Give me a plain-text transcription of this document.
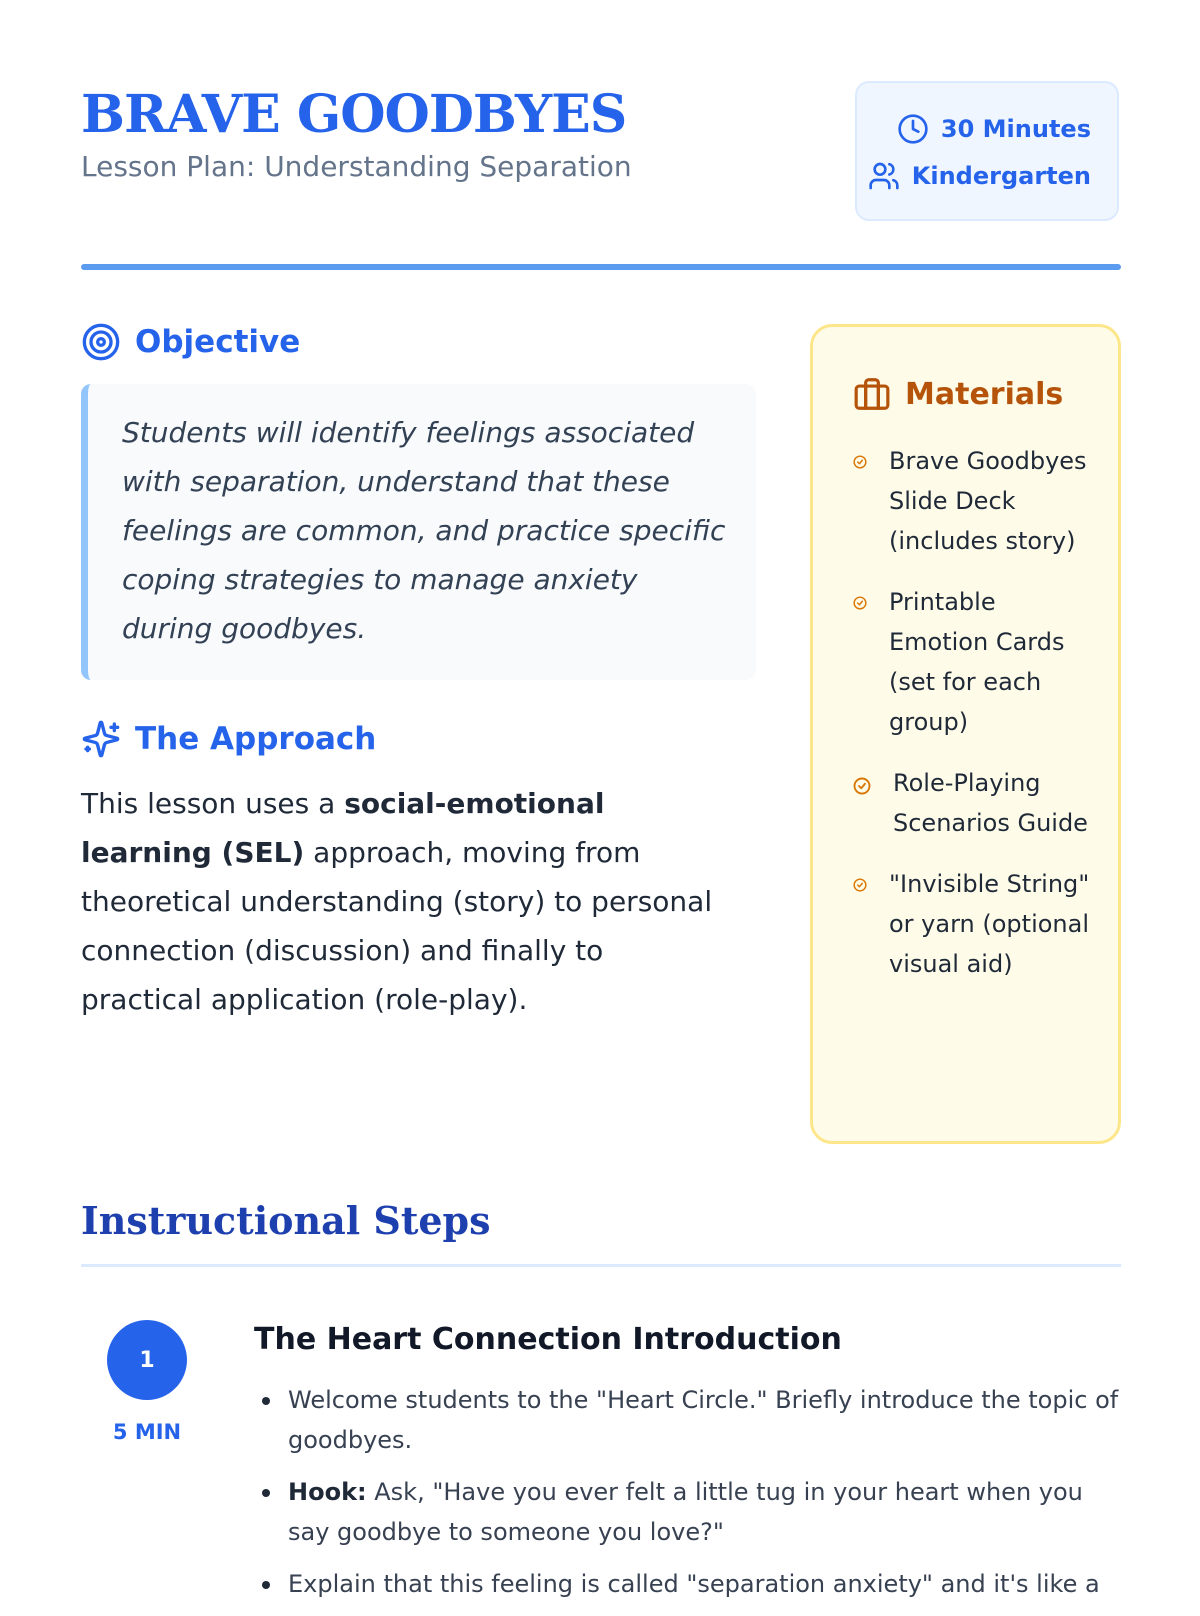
BRAVE GOODBYES
Lesson Plan: Understanding Separation
30 Minutes
Kindergarten
Objective
Students will identify feelings associated with separation, understand that these feelings are common, and practice specific coping strategies to manage anxiety during goodbyes.
The Approach
This lesson uses a social-emotional learning (SEL) approach, moving from theoretical understanding (story) to personal connection (discussion) and finally to practical application (role-play).
Materials
Brave Goodbyes Slide Deck (includes story)
Printable Emotion Cards (set for each group)
Role-Playing Scenarios Guide
"Invisible String" or yarn (optional visual aid)
Instructional Steps
1
5 MIN
The Heart Connection Introduction
Welcome students to the "Heart Circle." Briefly introduce the topic of goodbyes.
Hook: Ask, "Have you ever felt a little tug in your heart when you say goodbye to someone you love?"
Explain that this feeling is called "separation anxiety" and it's like a
